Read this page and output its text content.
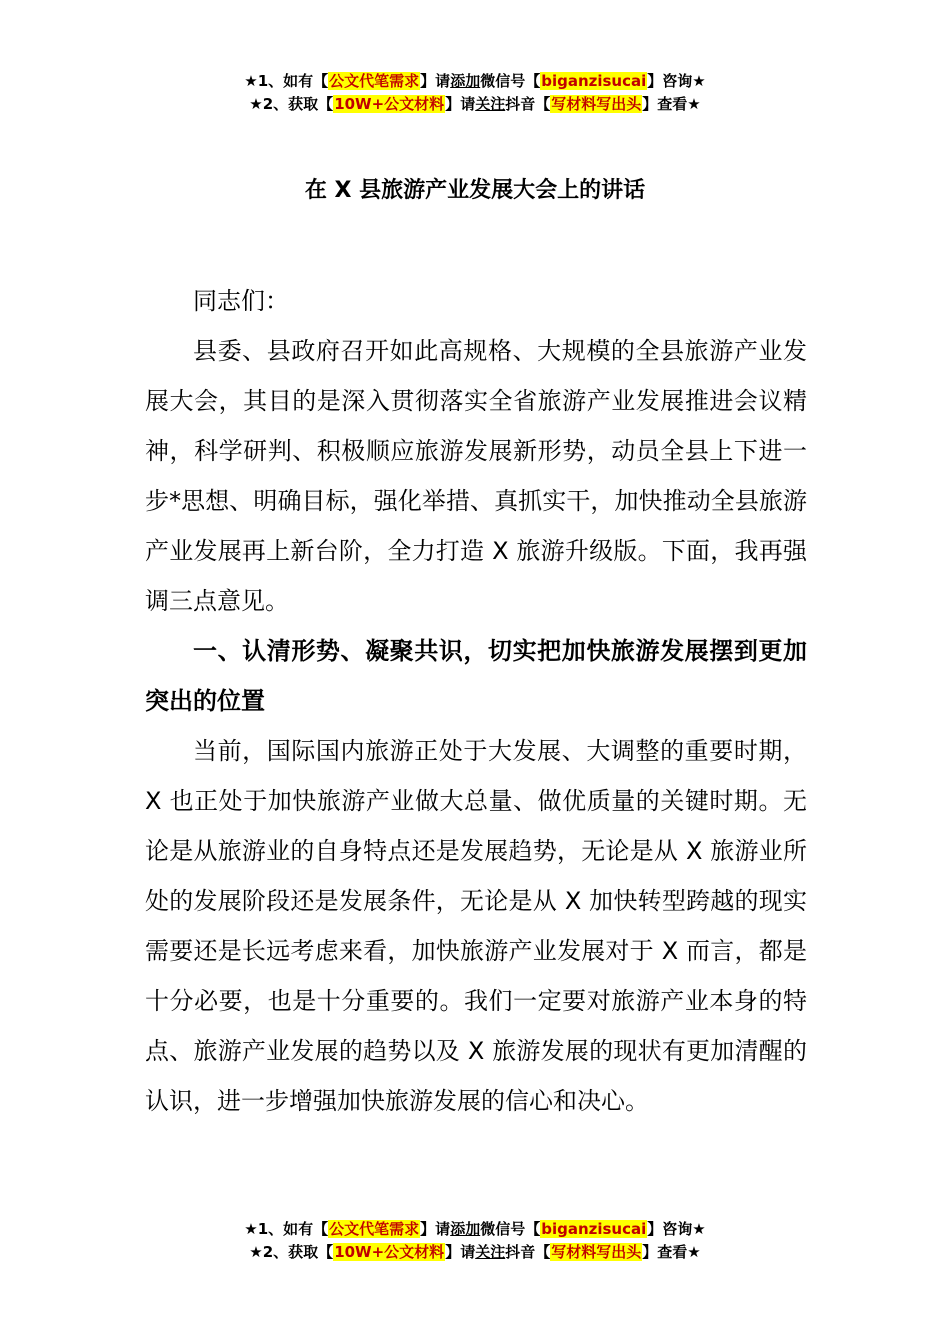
★1、如有【公文代笔需求】请添加微信号【biganzisucai】咨询★
★2、获取【10W+公文材料】请关注抖音【写材料写出头】查看★
在 X 县旅游产业发展大会上的讲话

同志们：

县委、县政府召开如此高规格、大规模的全县旅游产业发展大会，其目的是深入贯彻落实全省旅游产业发展推进会议精神，科学研判、积极顺应旅游发展新形势，动员全县上下进一步*思想、明确目标，强化举措、真抓实干，加快推动全县旅游产业发展再上新台阶，全力打造 X 旅游升级版。下面，我再强调三点意见。

一、认清形势、凝聚共识，切实把加快旅游发展摆到更加突出的位置

当前，国际国内旅游正处于大发展、大调整的重要时期，X 也正处于加快旅游产业做大总量、做优质量的关键时期。无论是从旅游业的自身特点还是发展趋势，无论是从 X 旅游业所处的发展阶段还是发展条件，无论是从 X 加快转型跨越的现实需要还是长远考虑来看，加快旅游产业发展对于 X 而言，都是十分必要，也是十分重要的。我们一定要对旅游产业本身的特点、旅游产业发展的趋势以及 X 旅游发展的现状有更加清醒的认识，进一步增强加快旅游发展的信心和决心。

★1、如有【公文代笔需求】请添加微信号【biganzisucai】咨询★
★2、获取【10W+公文材料】请关注抖音【写材料写出头】查看★
